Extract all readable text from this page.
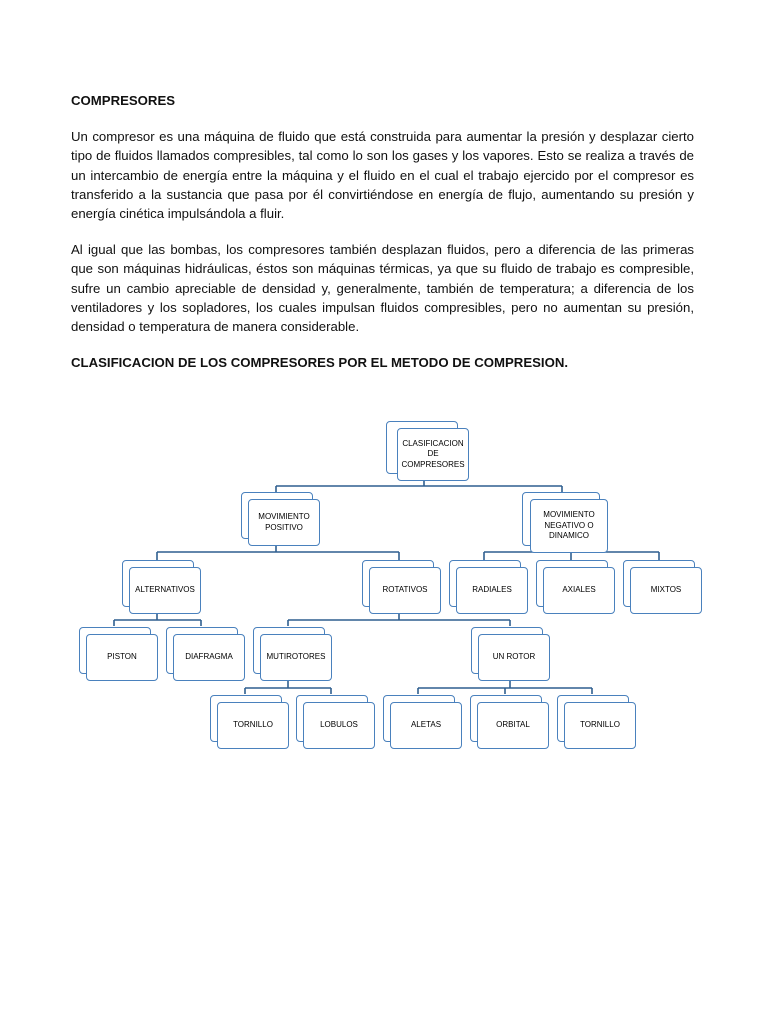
COMPRESORES

Un compresor es una máquina de fluido que está construida para aumentar la presión y desplazar cierto tipo de fluidos llamados compresibles, tal como lo son los gases y los vapores. Esto se realiza a través de un intercambio de energía entre la máquina y el fluido en el cual el trabajo ejercido por el compresor es transferido a la sustancia que pasa por él convirtiéndose en energía de flujo, aumentando su presión y energía cinética impulsándola a fluir.

Al igual que las bombas, los compresores también desplazan fluidos, pero a diferencia de las primeras que son máquinas hidráulicas, éstos son máquinas térmicas, ya que su fluido de trabajo es compresible, sufre un cambio apreciable de densidad y, generalmente, también de temperatura; a diferencia de los ventiladores y los sopladores, los cuales impulsan fluidos compresibles, pero no aumentan su presión, densidad o temperatura de manera considerable.

CLASIFICACION DE LOS COMPRESORES POR EL METODO DE COMPRESION.
CLASIFICACION DE COMPRESORES
MOVIMIENTO POSITIVO
MOVIMIENTO NEGATIVO O DINAMICO
ALTERNATIVOS	ROTATIVOS	RADIALES	AXIALES	MIXTOS
PISTON	DIAFRAGMA	MUTIROTORES	UN ROTOR
TORNILLO	LOBULOS	ALETAS	ORBITAL	TORNILLO
